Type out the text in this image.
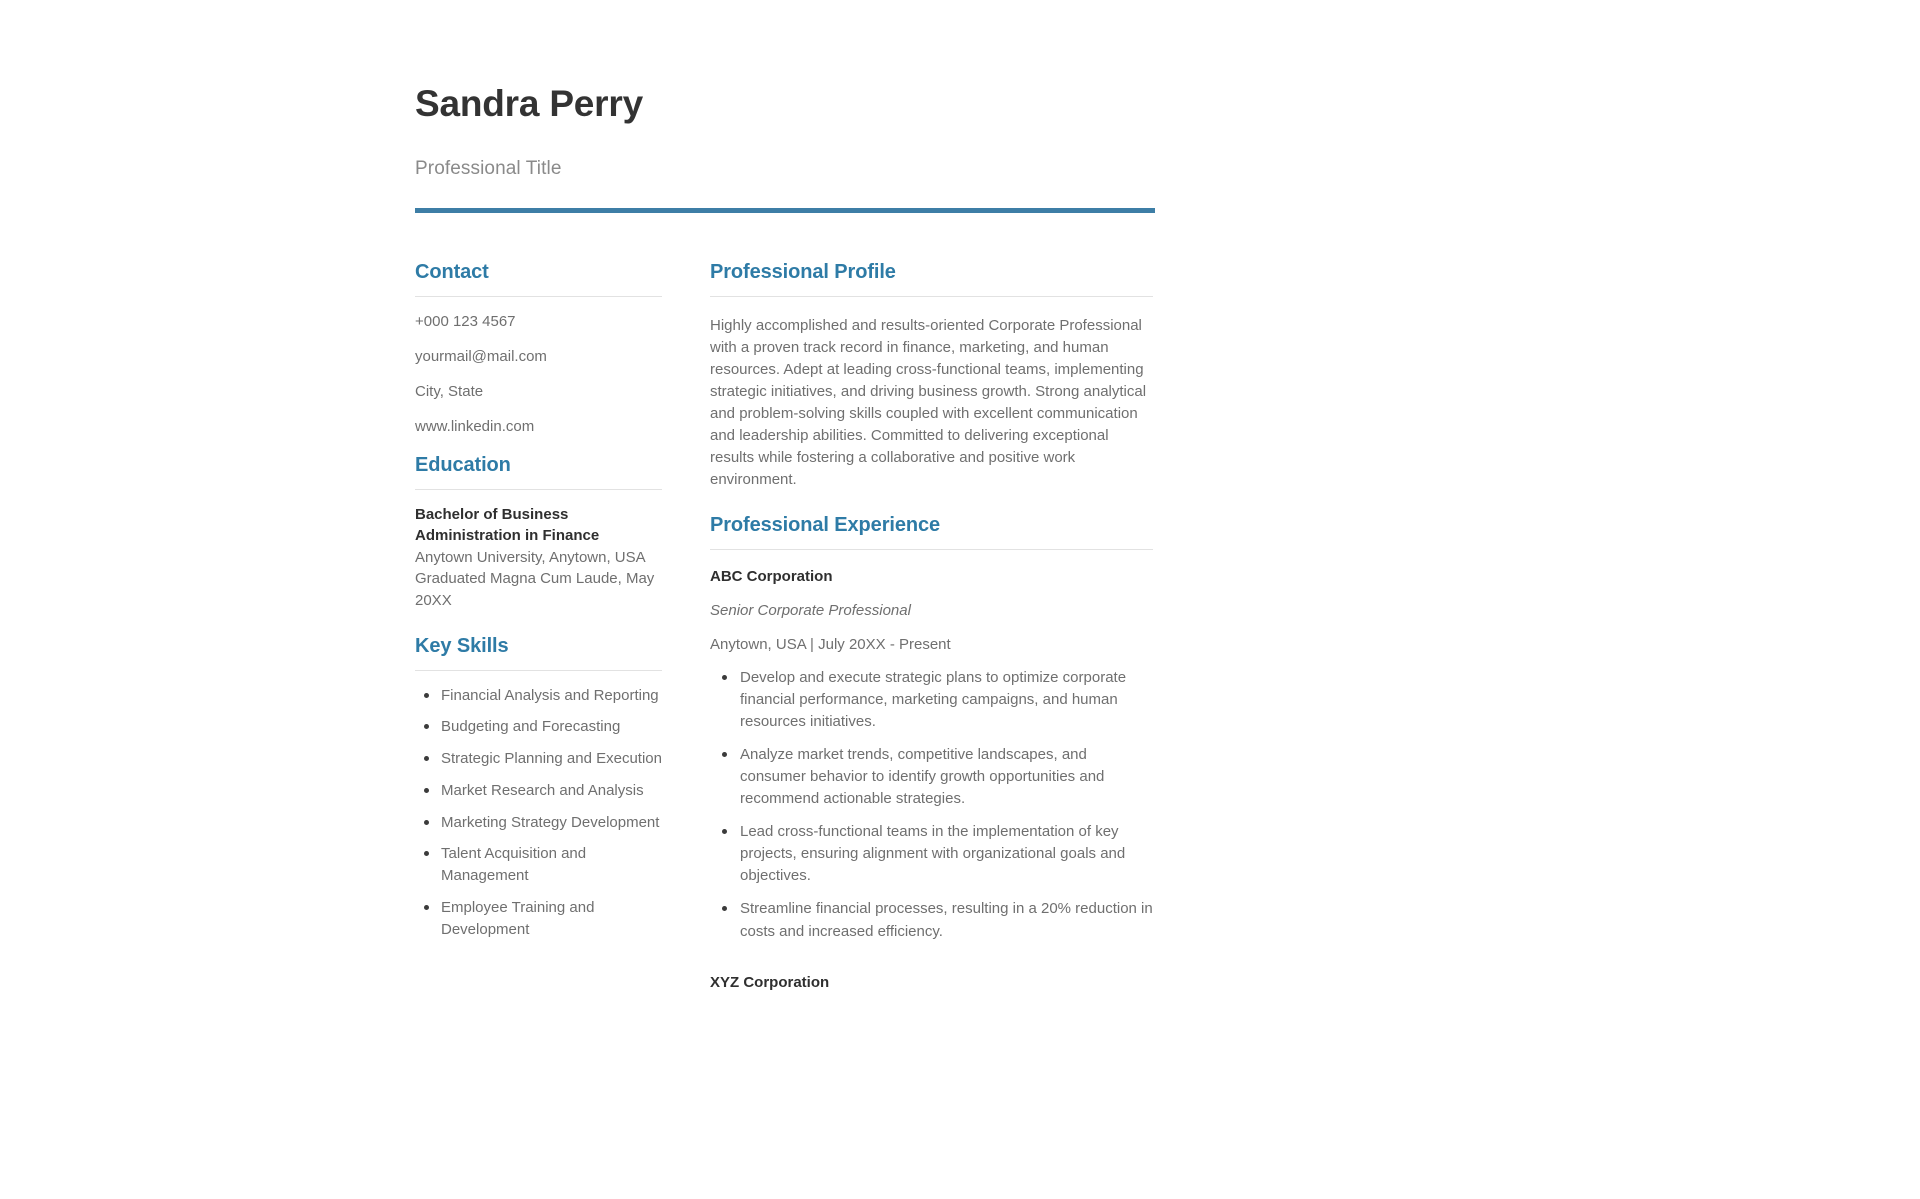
Sandra Perry

Professional Title

Contact
+000 123 4567
yourmail@mail.com
City, State
www.linkedin.com
Education

Bachelor of Business Administration in Finance

Anytown University, Anytown, USA

Graduated Magna Cum Laude, May 20XX

Key Skills
Financial Analysis and Reporting
Budgeting and Forecasting
Strategic Planning and Execution
Market Research and Analysis
Marketing Strategy Development
Talent Acquisition and Management
Employee Training and Development
Professional Profile

Highly accomplished and results-oriented Corporate Professional with a proven track record in finance, marketing, and human resources. Adept at leading cross-functional teams, implementing strategic initiatives, and driving business growth. Strong analytical and problem-solving skills coupled with excellent communication and leadership abilities. Committed to delivering exceptional results while fostering a collaborative and positive work environment.

Professional Experience

ABC Corporation

Senior Corporate Professional

Anytown, USA | July 20XX - Present

Develop and execute strategic plans to optimize corporate financial performance, marketing campaigns, and human resources initiatives.
Analyze market trends, competitive landscapes, and consumer behavior to identify growth opportunities and recommend actionable strategies.
Lead cross-functional teams in the implementation of key projects, ensuring alignment with organizational goals and objectives.
Streamline financial processes, resulting in a 20% reduction in costs and increased efficiency.

XYZ Corporation
